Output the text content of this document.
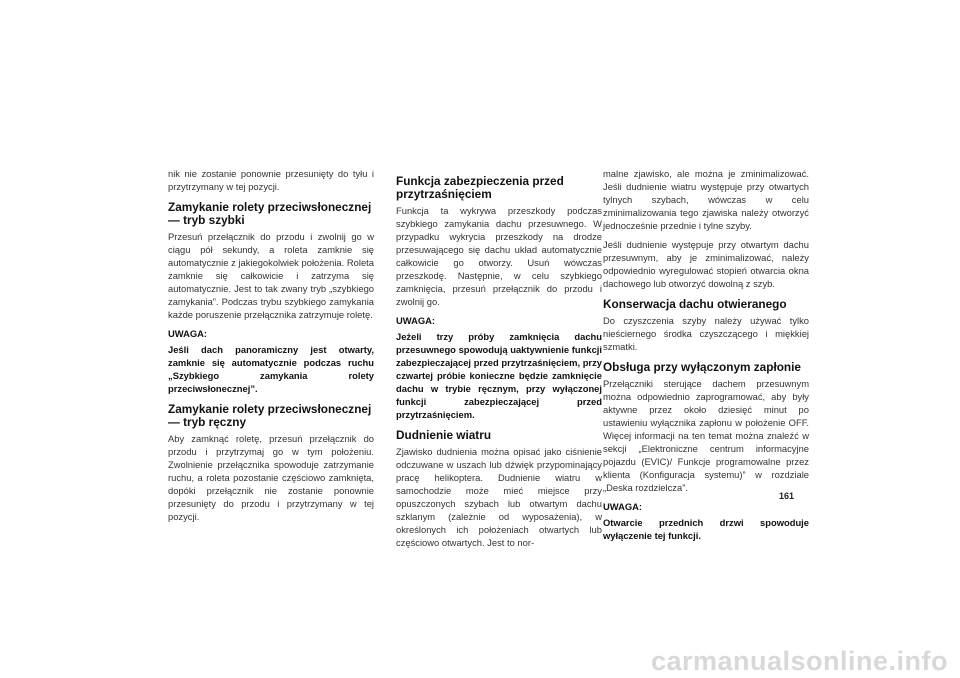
nik nie zostanie ponownie przesunięty do tyłu i przytrzymany w tej pozycji.

Zamykanie rolety przeciwsłonecznej — tryb szybki

Przesuń przełącznik do przodu i zwolnij go w ciągu pół sekundy, a roleta zamknie się automatycznie z jakiegokolwiek położenia. Roleta zamknie się całkowicie i zatrzyma się automatycznie. Jest to tak zwany tryb „szybkiego zamykania”. Podczas trybu szybkiego zamykania każde poruszenie przełącznika zatrzymuje roletę.

UWAGA:
Jeśli dach panoramiczny jest otwarty, zamknie się automatycznie podczas ruchu „Szybkiego zamykania rolety przeciwsłonecznej”.
Zamykanie rolety przeciwsłonecznej — tryb ręczny

Aby zamknąć roletę, przesuń przełącznik do przodu i przytrzymaj go w tym położeniu. Zwolnienie przełącznika spowoduje zatrzymanie ruchu, a roleta pozostanie częściowo zamknięta, dopóki przełącznik nie zostanie ponownie przesunięty do przodu i przytrzymany w tej pozycji.

Funkcja zabezpieczenia przed przytrzaśnięciem

Funkcja ta wykrywa przeszkody podczas szybkiego zamykania dachu przesuwnego. W przypadku wykrycia przeszkody na drodze przesuwającego się dachu układ automatycznie całkowicie go otworzy. Usuń wówczas przeszkodę. Następnie, w celu szybkiego zamknięcia, przesuń przełącznik do przodu i zwolnij go.

UWAGA:
Jeżeli trzy próby zamknięcia dachu przesuwnego spowodują uaktywnienie funkcji zabezpieczającej przed przytrzaśnięciem, przy czwartej próbie konieczne będzie zamknięcie dachu w trybie ręcznym, przy wyłączonej funkcji zabezpieczającej przed przytrzaśnięciem.
Dudnienie wiatru

Zjawisko dudnienia można opisać jako ciśnienie odczuwane w uszach lub dźwięk przypominający pracę helikoptera. Dudnienie wiatru w samochodzie może mieć miejsce przy opuszczonych szybach lub otwartym dachu szklanym (zależnie od wyposażenia), w określonych ich położeniach otwartych lub częściowo otwartych. Jest to nor-

malne zjawisko, ale można je zminimalizować. Jeśli dudnienie wiatru występuje przy otwartych tylnych szybach, wówczas w celu zminimalizowania tego zjawiska należy otworzyć jednocześnie przednie i tylne szyby.

Jeśli dudnienie występuje przy otwartym dachu przesuwnym, aby je zminimalizować, należy odpowiednio wyregulować stopień otwarcia okna dachowego lub otworzyć dowolną z szyb.

Konserwacja dachu otwieranego

Do czyszczenia szyby należy używać tylko nieściernego środka czyszczącego i miękkiej szmatki.

Obsługa przy wyłączonym zapłonie

Przełączniki sterujące dachem przesuwnym można odpowiednio zaprogramować, aby były aktywne przez około dziesięć minut po ustawieniu wyłącznika zapłonu w położenie OFF. Więcej informacji na ten temat można znaleźć w sekcji „Elektroniczne centrum informacyjne pojazdu (EVIC)/ Funkcje programowalne przez klienta (Konfiguracja systemu)” w rozdziale „Deska rozdzielcza”.

UWAGA:
Otwarcie przednich drzwi spowoduje wyłączenie tej funkcji.
161
carmanualsonline.info
